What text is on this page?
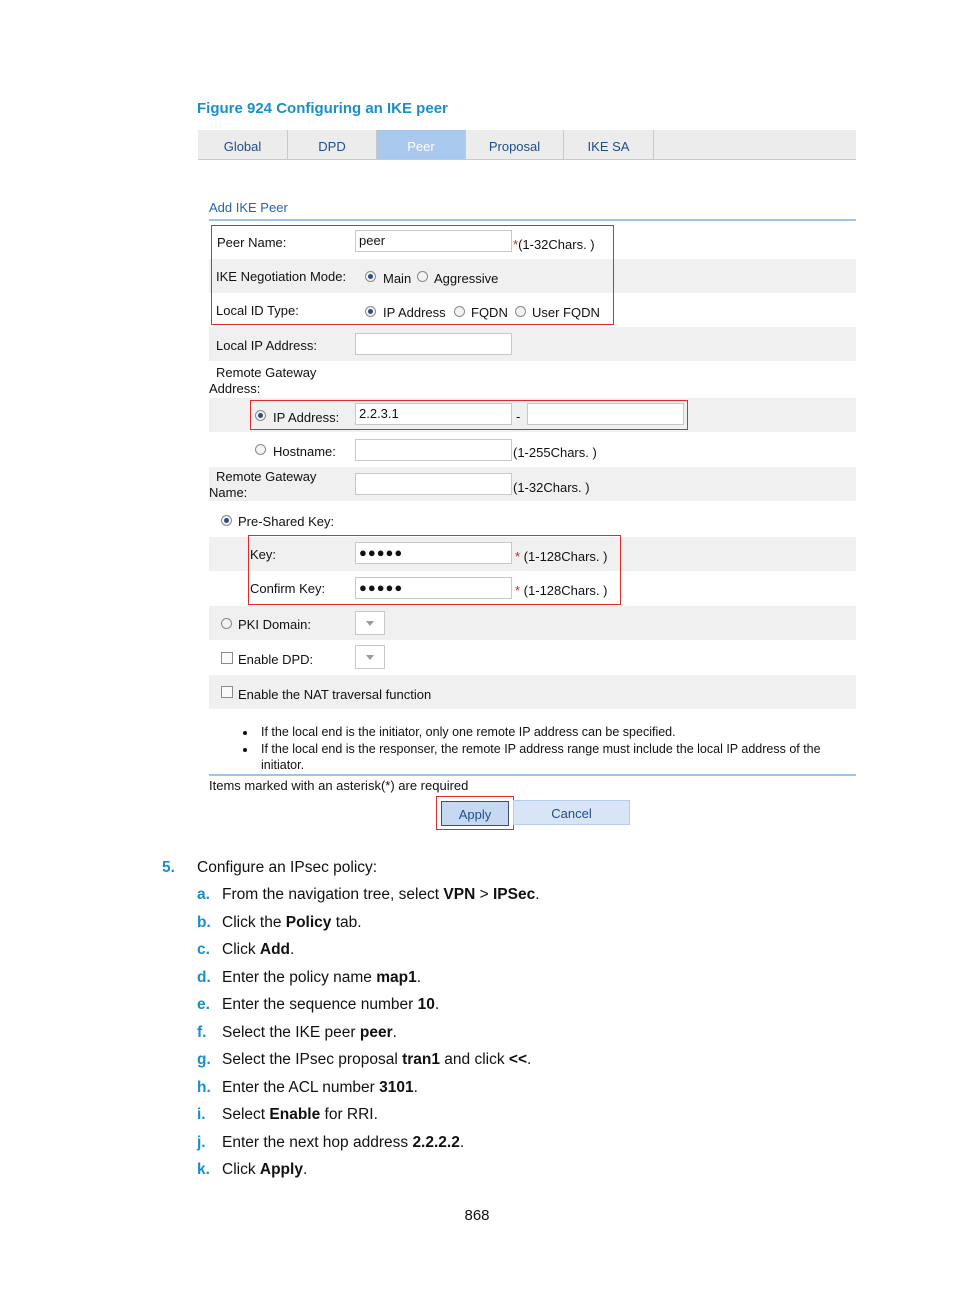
Figure 924 Configuring an IKE peer
Global	DPD	Peer	Proposal	IKE SA
Add IKE Peer
Peer Name:	peer	*(1-32Chars. )
IKE Negotiation Mode:	Main Aggressive
Local ID Type:	IP Address FQDN User FQDN
Local IP Address:
Remote Gateway
Address:
IP Address:	2.2.3.1	-
Hostname:	(1-255Chars. )
Remote Gateway
Name:	(1-32Chars. )
Pre-Shared Key:
Key:	●●●●●	* (1-128Chars. )
Confirm Key:	●●●●●	* (1-128Chars. )
PKI Domain:
Enable DPD:
Enable the NAT traversal function
• If the local end is the initiator, only one remote IP address can be specified.
• If the local end is the responser, the remote IP address range must include the local IP address of the initiator.
Items marked with an asterisk(*) are required
Apply	Cancel
5. Configure an IPsec policy:
a. From the navigation tree, select VPN > IPSec.
b. Click the Policy tab.
c. Click Add.
d. Enter the policy name map1.
e. Enter the sequence number 10.
f. Select the IKE peer peer.
g. Select the IPsec proposal tran1 and click <<.
h. Enter the ACL number 3101.
i. Select Enable for RRI.
j. Enter the next hop address 2.2.2.2.
k. Click Apply.
868
